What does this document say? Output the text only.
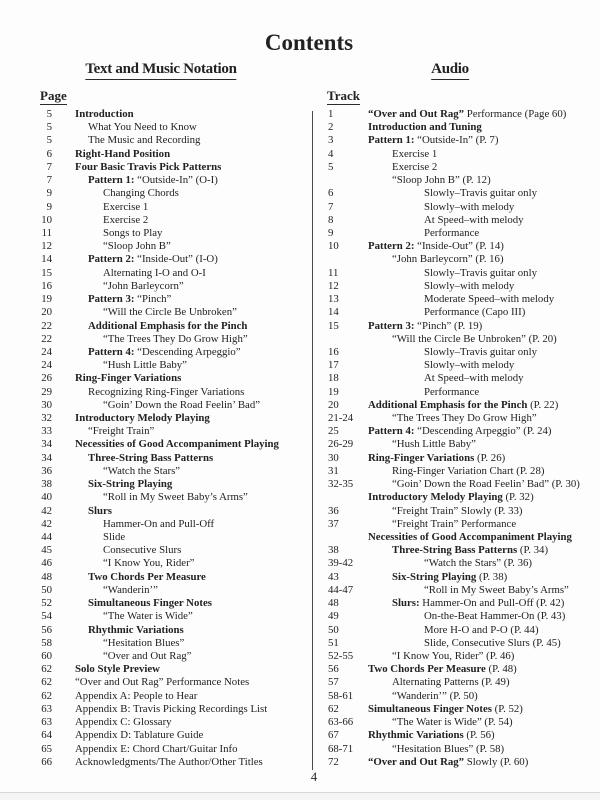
Contents
Text and Music Notation	Audio
Page	Track
5 Introduction
5	What You Need to Know
5	The Music and Recording
6 Right-Hand Position
7 Four Basic Travis Pick Patterns
7	Pattern 1: “Outside-In” (O-I)
9	Changing Chords
9	Exercise 1
10	Exercise 2
11	Songs to Play
12	“Sloop John B”
14	Pattern 2: “Inside-Out” (I-O)
15	Alternating I-O and O-I
16	“John Barleycorn”
19	Pattern 3: “Pinch”
20	“Will the Circle Be Unbroken”
22	Additional Emphasis for the Pinch
22	“The Trees They Do Grow High”
24	Pattern 4: “Descending Arpeggio”
24	“Hush Little Baby”
26 Ring-Finger Variations
29	Recognizing Ring-Finger Variations
30	“Goin’ Down the Road Feelin’ Bad”
32 Introductory Melody Playing
33	“Freight Train”
34 Necessities of Good Accompaniment Playing
34	Three-String Bass Patterns
36	“Watch the Stars”
38	Six-String Playing
40	“Roll in My Sweet Baby’s Arms”
42	Slurs
42	Hammer-On and Pull-Off
44	Slide
45	Consecutive Slurs
46	“I Know You, Rider”
48	Two Chords Per Measure
50	“Wanderin’”
52	Simultaneous Finger Notes
54	“The Water is Wide”
56	Rhythmic Variations
58	“Hesitation Blues”
60	“Over and Out Rag”
62 Solo Style Preview
62 “Over and Out Rag” Performance Notes
62 Appendix A: People to Hear
63 Appendix B: Travis Picking Recordings List
63 Appendix C: Glossary
64 Appendix D: Tablature Guide
65 Appendix E: Chord Chart/Guitar Info
66 Acknowledgments/The Author/Other Titles
1	“Over and Out Rag” Performance (Page 60)
2	Introduction and Tuning
3	Pattern 1: “Outside-In” (P. 7)
4	Exercise 1
5	Exercise 2
“Sloop John B” (P. 12)
6	Slowly–Travis guitar only
7	Slowly–with melody
8	At Speed–with melody
9	Performance
10	Pattern 2: “Inside-Out” (P. 14)
“John Barleycorn” (P. 16)
11	Slowly–Travis guitar only
12	Slowly–with melody
13	Moderate Speed–with melody
14	Performance (Capo III)
15	Pattern 3: “Pinch” (P. 19)
“Will the Circle Be Unbroken” (P. 20)
16	Slowly–Travis guitar only
17	Slowly–with melody
18	At Speed–with melody
19	Performance
20	Additional Emphasis for the Pinch (P. 22)
21-24	“The Trees They Do Grow High”
25	Pattern 4: “Descending Arpeggio” (P. 24)
26-29	“Hush Little Baby”
30	Ring-Finger Variations (P. 26)
31	Ring-Finger Variation Chart (P. 28)
32-35	“Goin’ Down the Road Feelin’ Bad” (P. 30)
Introductory Melody Playing (P. 32)
36	“Freight Train” Slowly (P. 33)
37	“Freight Train” Performance
Necessities of Good Accompaniment Playing
38	Three-String Bass Patterns (P. 34)
39-42	“Watch the Stars” (P. 36)
43	Six-String Playing (P. 38)
44-47	“Roll in My Sweet Baby’s Arms”
48	Slurs: Hammer-On and Pull-Off (P. 42)
49	On-the-Beat Hammer-On (P. 43)
50	More H-O and P-O (P. 44)
51	Slide, Consecutive Slurs (P. 45)
52-55	“I Know You, Rider” (P. 46)
56	Two Chords Per Measure (P. 48)
57	Alternating Patterns (P. 49)
58-61	“Wanderin’” (P. 50)
62	Simultaneous Finger Notes (P. 52)
63-66	“The Water is Wide” (P. 54)
67	Rhythmic Variations (P. 56)
68-71	“Hesitation Blues” (P. 58)
72	“Over and Out Rag” Slowly (P. 60)
4
